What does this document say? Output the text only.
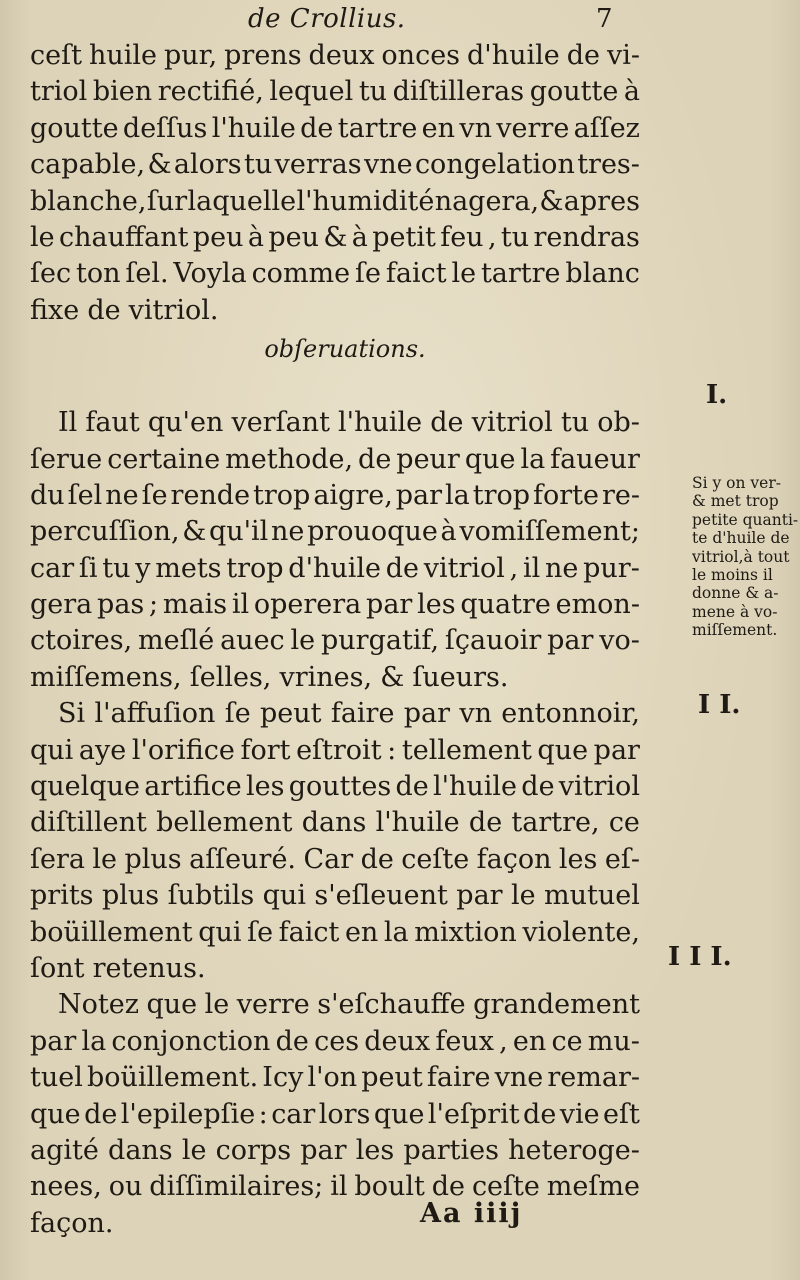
de Crollius.	7
ceſt huile pur, prens deux onces d'huile de vi-
triol bien rectifié, lequel tu diſtilleras goutte à
goutte deſſus l'huile de tartre en vn verre aſſez
capable, & alors tu verras vne congelation tres-
blanche, ſur laquelle l'humidité nagera, & apres
le chauffant peu à peu & à petit feu , tu rendras
ſec ton ſel. Voyla comme ſe faict le tartre blanc
fixe de vitriol.
obſeruations.
Il faut qu'en verſant l'huile de vitriol tu ob-
ſerue certaine methode, de peur que la faueur
du ſel ne ſe rende trop aigre, par la trop forte re-
percuſſion, & qu'il ne prouoque à vomiſſement;
car ſi tu y mets trop d'huile de vitriol , il ne pur-
gera pas ; mais il operera par les quatre emon-
ctoires, meſlé auec le purgatif, ſçauoir par vo-
miſſemens, ſelles, vrines, & ſueurs.
Si l'affuſion ſe peut faire par vn entonnoir,
qui aye l'orifice fort eſtroit : tellement que par
quelque artifice les gouttes de l'huile de vitriol
diſtillent bellement dans l'huile de tartre, ce
ſera le plus aſſeuré. Car de ceſte façon les eſ-
prits plus ſubtils qui s'eſleuent par le mutuel
boüillement qui ſe faict en la mixtion violente,
ſont retenus.
Notez que le verre s'eſchauffe grandement
par la conjonction de ces deux feux , en ce mu-
tuel boüillement. Icy l'on peut faire vne remar-
que de l'epilepſie : car lors que l'eſprit de vie eſt
agité dans le corps par les parties heteroge-
nees, ou diſſimilaires; il boult de ceſte meſme
façon.
I.
Si y on ver-
& met trop
petite quanti-
te d'huile de
vitriol,à tout
le moins il
donne & a-
mene à vo-
miſſement.
I I.
I I I.
Aa iiij
